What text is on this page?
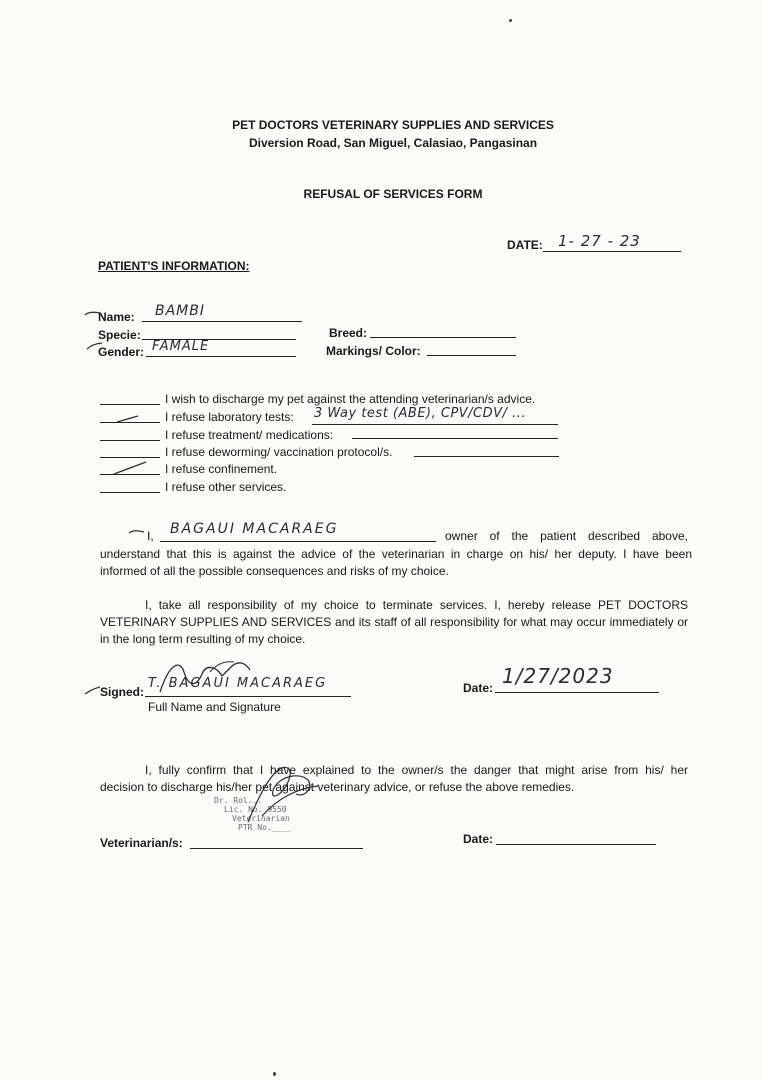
PET DOCTORS VETERINARY SUPPLIES AND SERVICES
Diversion Road, San Miguel, Calasiao, Pangasinan
REFUSAL OF SERVICES FORM
DATE: 1- 27 - 23
PATIENT'S INFORMATION:
Name: BAMBI
Specie:	Breed:
Gender: FAMALE	Markings/ Color:
I wish to discharge my pet against the attending veterinarian/s advice.
I refuse laboratory tests: 3 Way test (ABE), CPV/CDV/ ...
I refuse treatment/ medications:
I refuse deworming/ vaccination protocol/s.
I refuse confinement.
I refuse other services.
I, BAGAUI MACARAEG	owner of the patient described above,
understand that this is against the advice of the veterinarian in charge on his/ her deputy. I have been
informed of all the possible consequences and risks of my choice.
I, take all responsibility of my choice to terminate services. I, hereby release PET DOCTORS
VETERINARY SUPPLIES AND SERVICES and its staff of all responsibility for what may occur immediately or
in the long term resulting of my choice.
Signed:
T. BAGAUI MACARAEG
Full Name and Signature
Date: 1/27/2023
I, fully confirm that I have explained to the owner/s the danger that might arise from his/ her
decision to discharge his/her pet against veterinary advice, or refuse the above remedies.
Dr. Rol...
Lic. No. 9550
Veterinarian
PTR No.____
Veterinarian/s:	Date:
